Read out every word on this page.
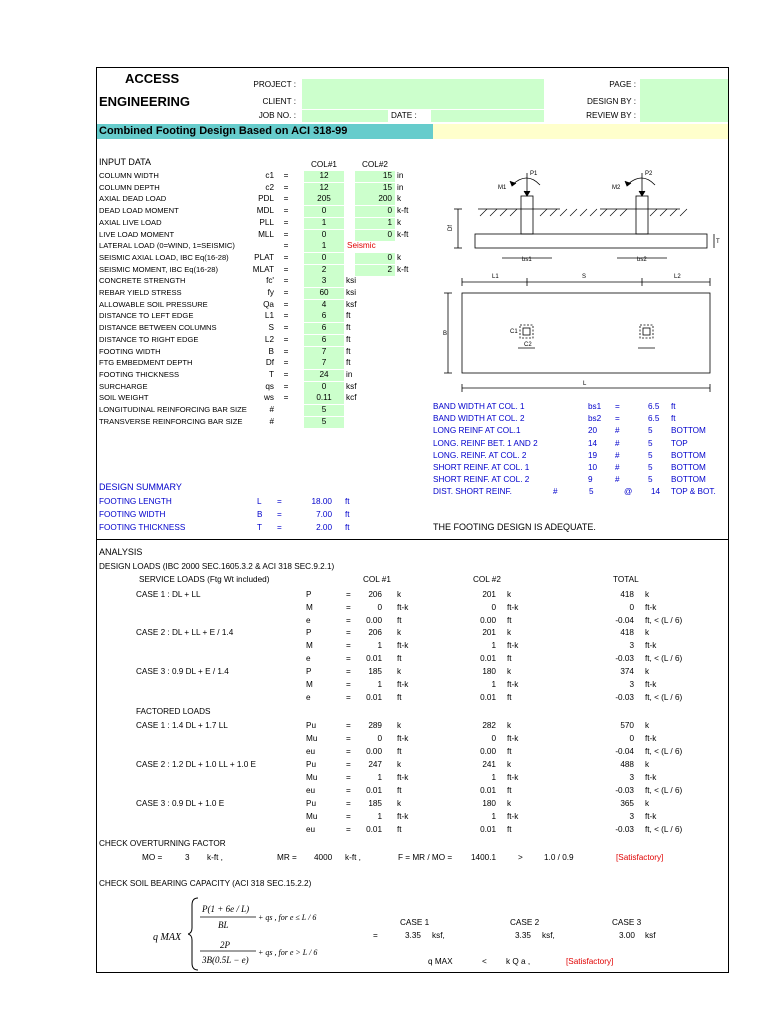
ACCESS
ENGINEERING
PROJECT :
CLIENT :
JOB NO. :	DATE :
PAGE :
DESIGN BY :
REVIEW BY :
Combined Footing Design Based on ACI 318-99
INPUT DATA	COL#1	COL#2
COLUMN WIDTH	c1	=	12	15 in
COLUMN DEPTH	c2	=	12	15 in
AXIAL DEAD LOAD	PDL	=	205	200 k
DEAD LOAD MOMENT	MDL	=	0	0 k-ft
AXIAL LIVE LOAD	PLL	=	1	1 k
LIVE LOAD MOMENT	MLL	=	0	0 k-ft
LATERAL LOAD (0=WIND, 1=SEISMIC)	=	1	Seismic
SEISMIC AXIAL LOAD, IBC Eq(16-28)	PLAT	=	0	0 k
SEISMIC MOMENT, IBC Eq(16-28)	MLAT	=	2	2 k-ft
CONCRETE STRENGTH	fc'	=	3	ksi
REBAR YIELD STRESS	fy	=	60	ksi
ALLOWABLE SOIL PRESSURE	Qa	=	4	ksf
DISTANCE TO LEFT EDGE	L1	=	6	ft
DISTANCE BETWEEN COLUMNS	S	=	6	ft
DISTANCE TO RIGHT EDGE	L2	=	6	ft
FOOTING WIDTH	B	=	7	ft
FTG EMBEDMENT DEPTH	Df	=	7	ft
FOOTING THICKNESS	T	=	24	in
SURCHARGE	qs	=	0	ksf
SOIL WEIGHT	ws	=	0.11	kcf
LONGITUDINAL REINFORCING BAR SIZE	#	5
TRANSVERSE REINFORCING BAR SIZE	#	5
P1	P2
M1	M2
Df
T
bs1	bs2
L1	S	L2
B	C1
C2
L
BAND WIDTH AT COL. 1	bs1 =	6.5 ft
BAND WIDTH AT COL. 2	bs2 =	6.5 ft
LONG REINF AT COL.1	20 #	5 BOTTOM
LONG. REINF BET. 1 AND 2	14 #	5 TOP
LONG. REINF. AT COL. 2	19 #	5 BOTTOM
SHORT REINF. AT COL. 1	10 #	5 BOTTOM
SHORT REINF. AT COL. 2	9	#	5 BOTTOM
DIST. SHORT REINF.	#	5	@ 14 TOP & BOT.
DESIGN SUMMARY
FOOTING LENGTH	L =	18.00 ft
FOOTING WIDTH	B =	7.00 ft
FOOTING THICKNESS	T =	2.00 ft	THE FOOTING DESIGN IS ADEQUATE.
ANALYSIS
DESIGN LOADS (IBC 2000 SEC.1605.3.2 & ACI 318 SEC.9.2.1)
SERVICE LOADS (Ftg Wt included)	COL #1	COL #2	TOTAL
FACTORED LOADS
CASE 1 : DL + LL	P	=	206 k	201 k	418 k
M	=	0 ft-k	0 ft-k	0 ft-k
e	=	0.00 ft	0.00 ft	-0.04 ft, < (L / 6)
CASE 2 : DL + LL + E / 1.4	P	=	206 k	201 k	418 k
M	=	1 ft-k	1 ft-k	3 ft-k
e	=	0.01 ft	0.01 ft	-0.03 ft, < (L / 6)
CASE 3 : 0.9 DL + E / 1.4	P	=	185 k	180 k	374 k
M	=	1 ft-k	1 ft-k	3 ft-k
e	=	0.01 ft	0.01 ft	-0.03 ft, < (L / 6)
CASE 1 : 1.4 DL + 1.7 LL	Pu	=	289 k	282 k	570 k
Mu	=	0 ft-k	0 ft-k	0 ft-k
eu	=	0.00 ft	0.00 ft	-0.04 ft, < (L / 6)
CASE 2 : 1.2 DL + 1.0 LL + 1.0 E	Pu	=	247 k	241 k	488 k
Mu	=	1 ft-k	1 ft-k	3 ft-k
eu	=	0.01 ft	0.01 ft	-0.03 ft, < (L / 6)
CASE 3 : 0.9 DL + 1.0 E	Pu	=	185 k	180 k	365 k
Mu	=	1 ft-k	1 ft-k	3 ft-k
eu	=	0.01 ft	0.01 ft	-0.03 ft, < (L / 6)
CHECK OVERTURNING FACTOR
MO =	3 k-ft ,	MR = 4000 k-ft ,	F = MR / MO = 1400.1	>	1.0 / 0.9	[Satisfactory]
CHECK SOIL BEARING CAPACITY (ACI 318 SEC.15.2.2)
q MAX
P(1 + 6e / L)
BL
+ qs , for e ≤ L / 6
2P
3B(0.5L − e)
+ qs , for e > L / 6
CASE 1	CASE 2	CASE 3
=	3.35 ksf,	3.35 ksf,	3.00 ksf
q MAX	< k Q a ,	[Satisfactory]
